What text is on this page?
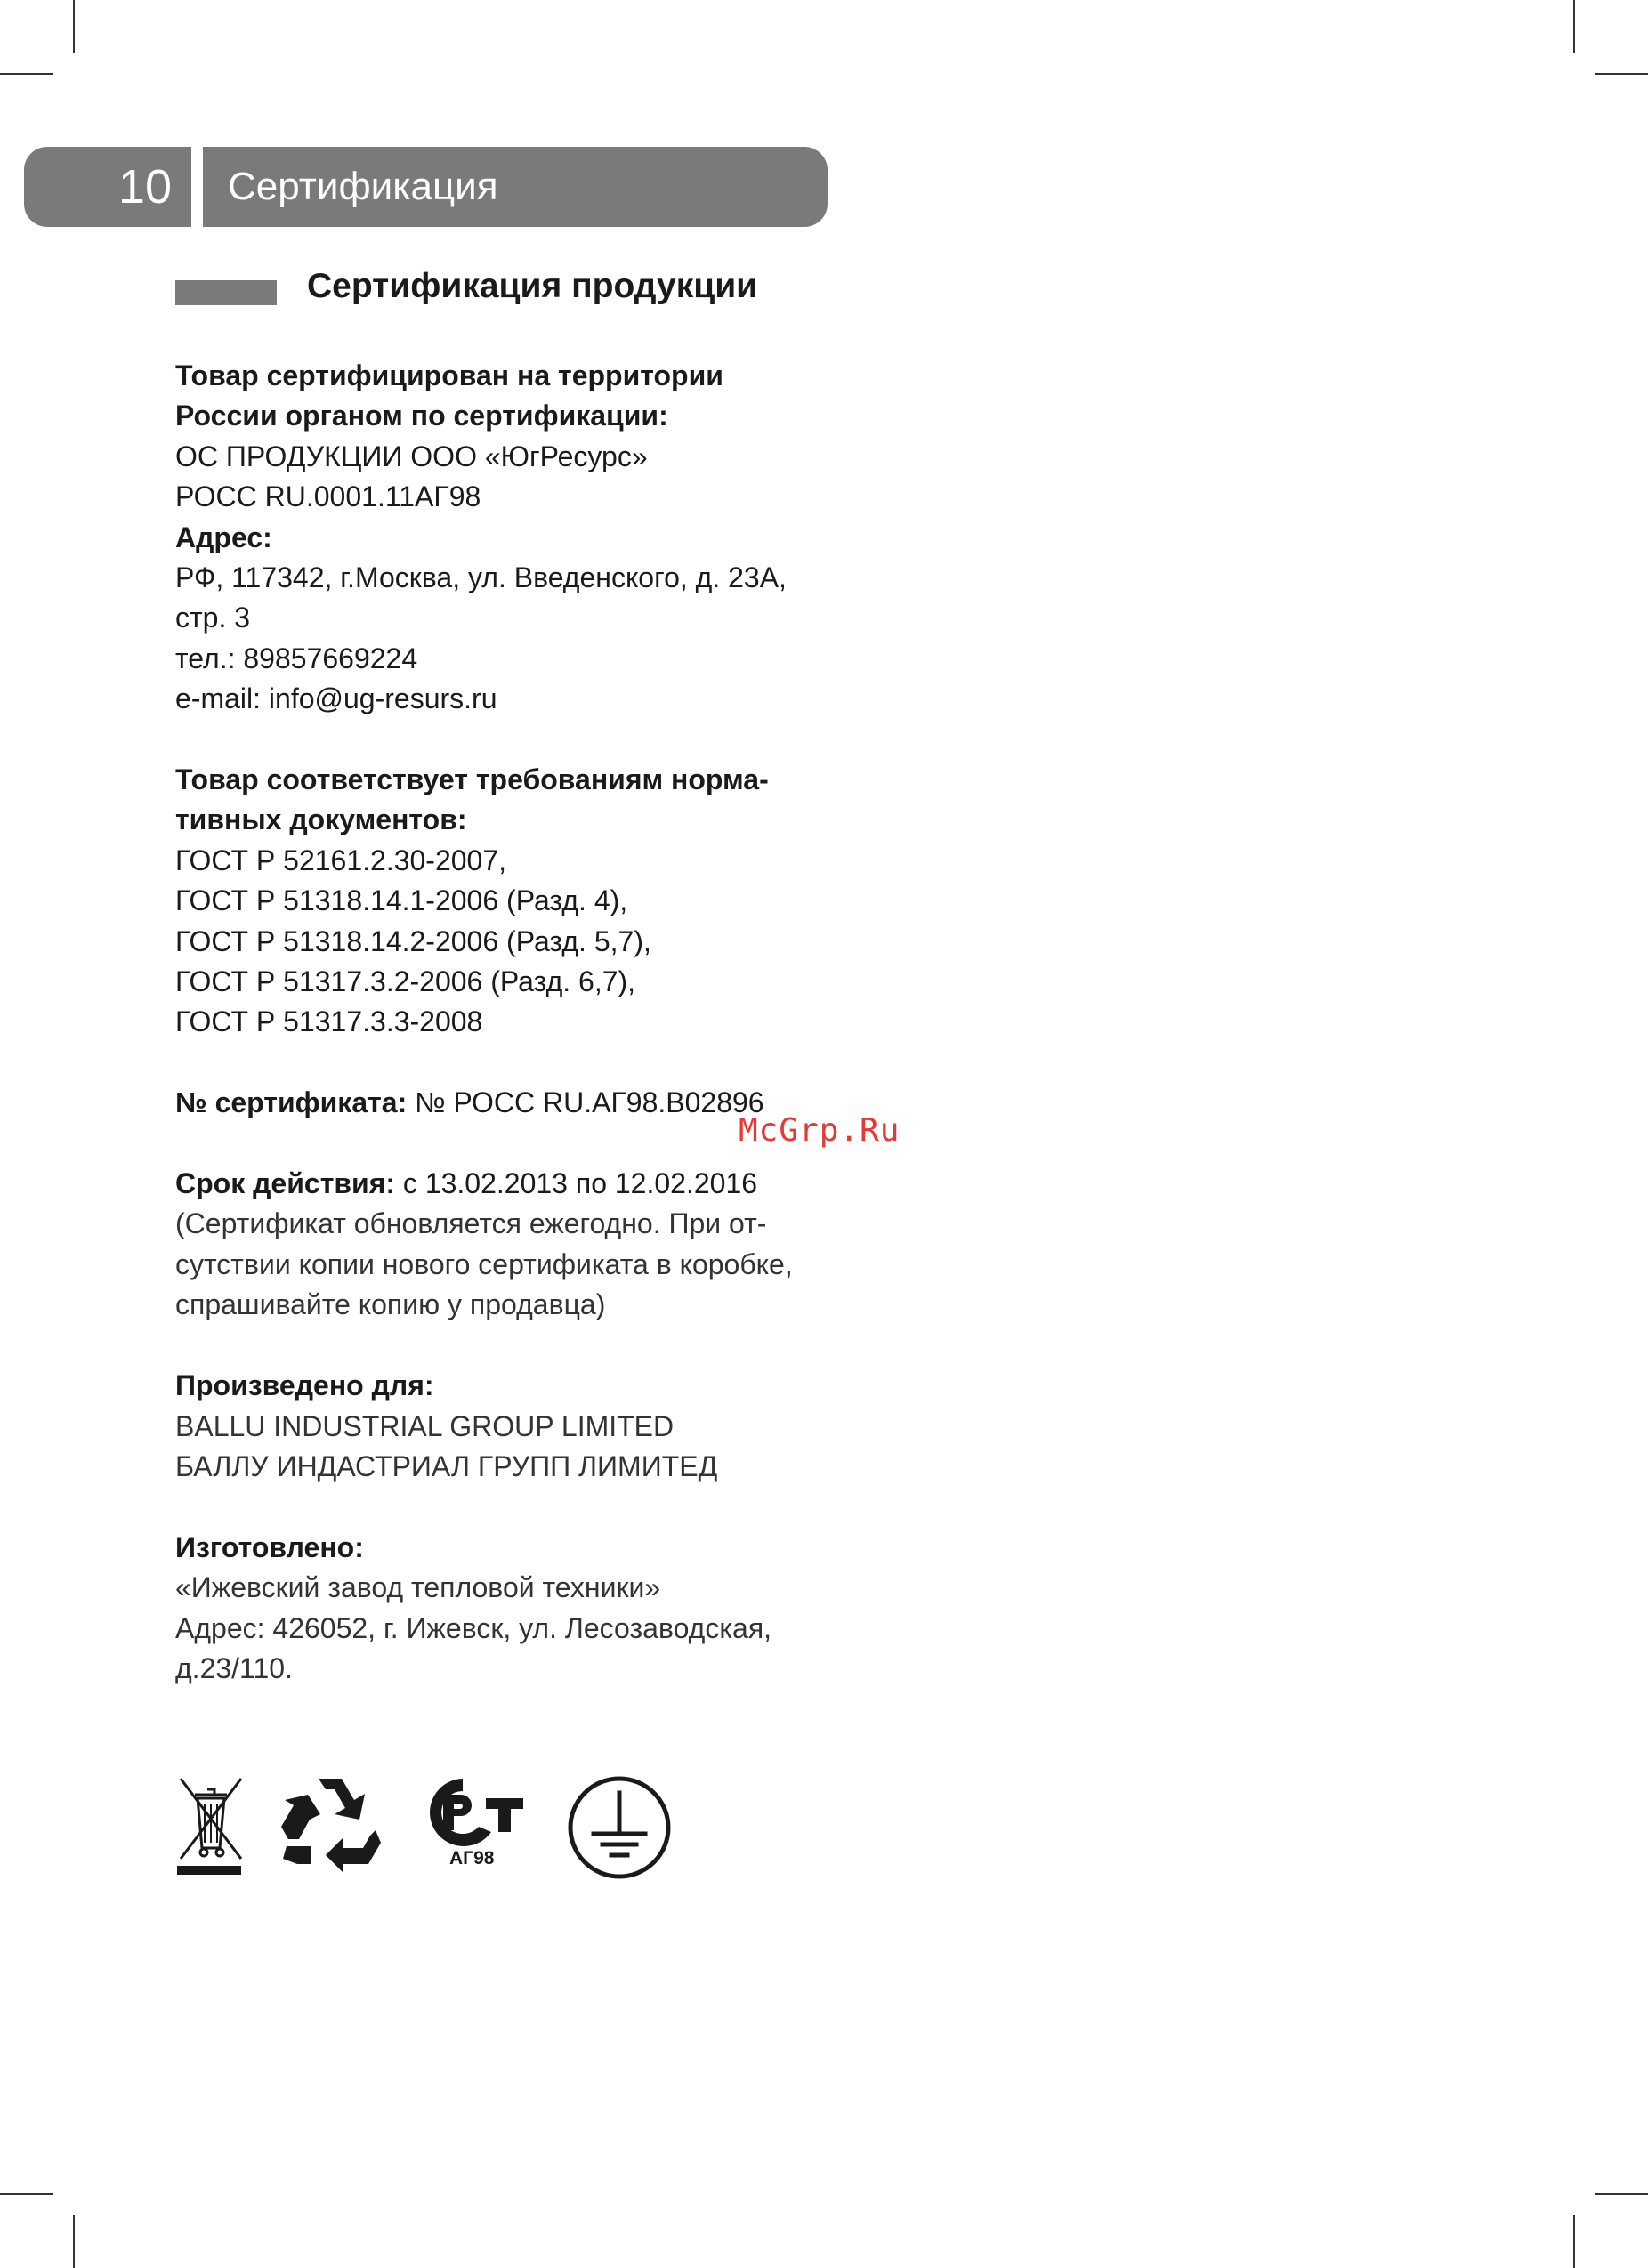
10 Сертификация
Сертификация продукции

Товар сертифицирован на территории

России органом по сертификации:

ОС ПРОДУКЦИИ ООО «ЮгРесурс»

РОСС RU.0001.11АГ98

Адрес:

РФ, 117342, г.Москва, ул. Введенского, д. 23А,

стр. 3

тел.: 89857669224

e-mail: info@ug-resurs.ru

Товар соответствует требованиям норма-

тивных документов:

ГОСТ Р 52161.2.30-2007,

ГОСТ Р 51318.14.1-2006 (Разд. 4),

ГОСТ Р 51318.14.2-2006 (Разд. 5,7),

ГОСТ Р 51317.3.2-2006 (Разд. 6,7),

ГОСТ Р 51317.3.3-2008

№ сертификата: № РОСС RU.АГ98.В02896

Срок действия: с 13.02.2013 по 12.02.2016

(Сертификат обновляется ежегодно. При от-

сутствии копии нового сертификата в коробке,

спрашивайте копию у продавца)

Произведено для:

BALLU INDUSTRIAL GROUP LIMITED

БАЛЛУ ИНДАСТРИАЛ ГРУПП ЛИМИТЕД

Изготовлено:

«Ижевский завод тепловой техники»

Адрес: 426052, г. Ижевск, ул. Лесозаводская,

д.23/110.

McGrp.Ru
АГ98
